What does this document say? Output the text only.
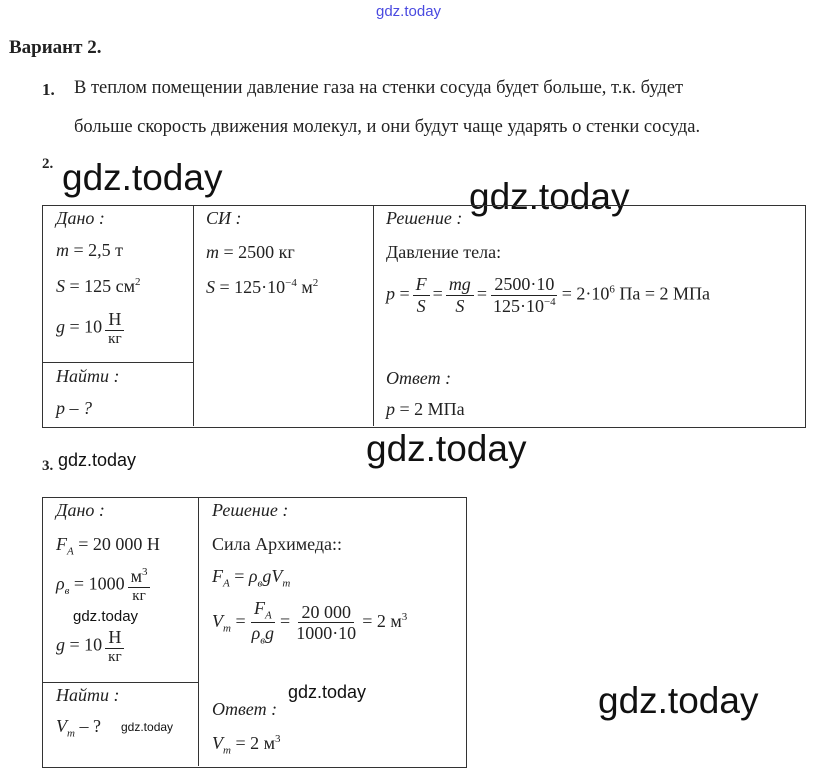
gdz.today
gdz.today	gdz.today
gdz.today
gdz.today
gdz.today
gdz.today	gdz.today
gdz.today
Вариант 2.
1. В теплом помещении давление газа на стенки сосуда будет больше, т.к. будет
больше скорость движения молекул, и они будут чаще ударять о стенки сосуда.
2.
Дано :
m = 2,5 т
S = 125 $см^2$
$g = 10 \frac{Н}{кг}$
Найти :
p – ?
СИ :
m = 2500 кг
$S = 125\cdot 10^{-4}$ $м^2$
Решение :
Давление тела:
$p = \frac{F}{S} = \frac{mg}{S} = \frac{2500\cdot 10}{125\cdot 10^{-4}} = 2\cdot 10^6$ Па = 2 МПа
Ответ :
p = 2 МПа
3.
Дано :
$F_A = 20$ 000 Н
$\rho_в = 1000 \frac{м^3}{кг}$
$g = 10 \frac{Н}{кг}$
Найти :
$V_m$ – ?
Решение :
Сила Архимеда::
$F_A = \rho_вgV_m$
$V_m = \frac{F_A}{\rho_вg} = \frac{20 000}{1000\cdot 10} = 2$ $м^3$
Ответ :
$V_m = 2$ $м^3$
